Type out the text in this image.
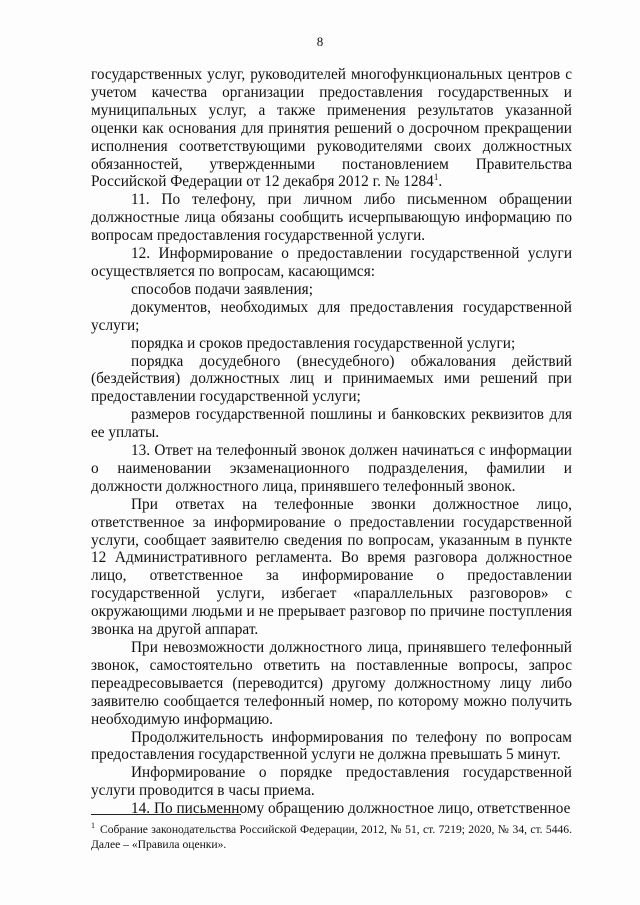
8

государственных услуг, руководителей многофункциональных центров с учетом качества организации предоставления государственных и муниципальных услуг, а также применения результатов указанной оценки как основания для принятия решений о досрочном прекращении исполнения соответствующими руководителями своих должностных обязанностей, утвержденными постановлением Правительства Российской Федерации от 12 декабря 2012 г. № 1284$^1$.

11. По телефону, при личном либо письменном обращении должностные лица обязаны сообщить исчерпывающую информацию по вопросам предоставления государственной услуги.

12. Информирование о предоставлении государственной услуги осуществляется по вопросам, касающимся:

способов подачи заявления;

документов, необходимых для предоставления государственной услуги;

порядка и сроков предоставления государственной услуги;

порядка досудебного (внесудебного) обжалования действий (бездействия) должностных лиц и принимаемых ими решений при предоставлении государственной услуги;

размеров государственной пошлины и банковских реквизитов для ее уплаты.

13. Ответ на телефонный звонок должен начинаться с информации о наименовании экзаменационного подразделения, фамилии и должности должностного лица, принявшего телефонный звонок.

При ответах на телефонные звонки должностное лицо, ответственное за информирование о предоставлении государственной услуги, сообщает заявителю сведения по вопросам, указанным в пункте 12 Административного регламента. Во время разговора должностное лицо, ответственное за информирование о предоставлении государственной услуги, избегает «параллельных разговоров» с окружающими людьми и не прерывает разговор по причине поступления звонка на другой аппарат.

При невозможности должностного лица, принявшего телефонный звонок, самостоятельно ответить на поставленные вопросы, запрос переадресовывается (переводится) другому должностному лицу либо заявителю сообщается телефонный номер, по которому можно получить необходимую информацию.

Продолжительность информирования по телефону по вопросам предоставления государственной услуги не должна превышать 5 минут.

Информирование о порядке предоставления государственной услуги проводится в часы приема.

14. По письменному обращению должностное лицо, ответственное

$^1$ Собрание законодательства Российской Федерации, 2012, № 51, ст. 7219; 2020, № 34, ст. 5446. Далее – «Правила оценки».
